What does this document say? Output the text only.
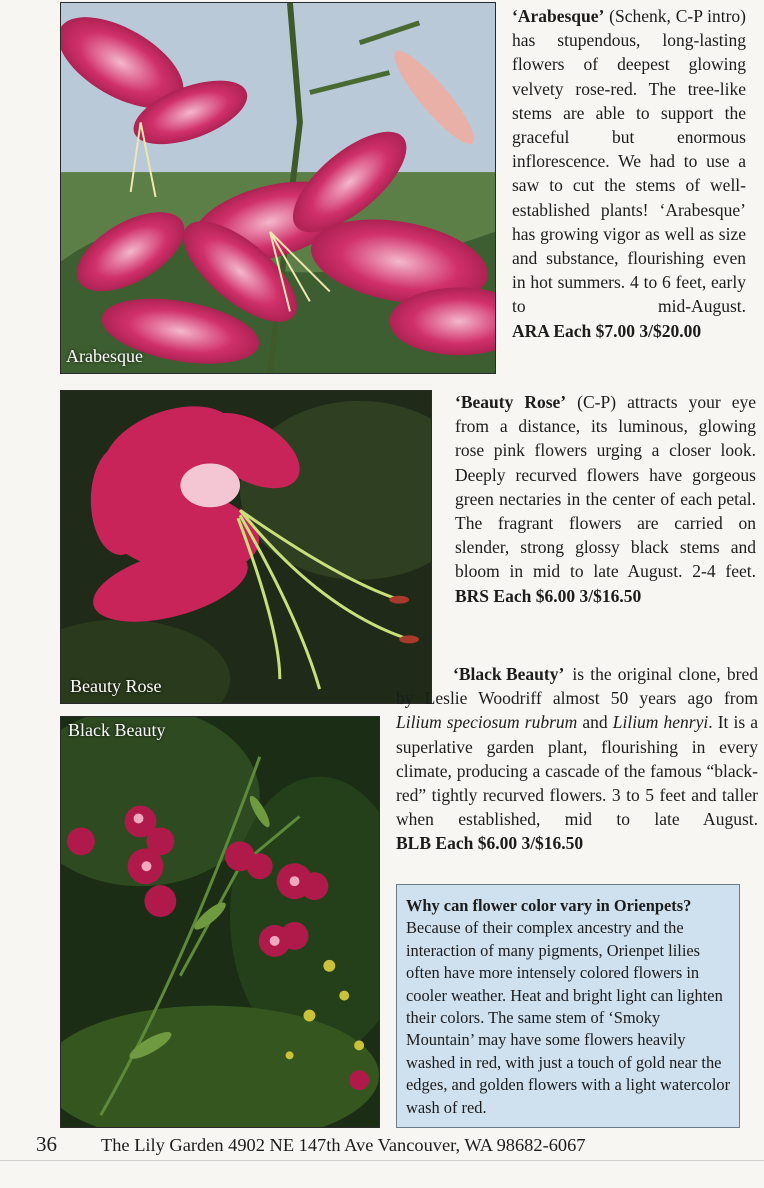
Arabesque

‘Arabesque’ (Schenk, C-P intro) has stupendous, long-lasting flowers of deepest glowing velvety rose-red. The tree-like stems are able to support the graceful but enormous inflorescence. We had to use a saw to cut the stems of well-established plants! ‘Arabesque’ has growing vigor as well as size and substance, flourishing even in hot summers. 4 to 6 feet, early to mid-August. ARA Each $7.00 3/$20.00

Beauty Rose

‘Beauty Rose’ (C-P) attracts your eye from a distance, its luminous, glowing rose pink flowers urging a closer look. Deeply recurved flowers have gorgeous green nectaries in the center of each petal. The fragrant flowers are carried on slender, strong glossy black stems and bloom in mid to late August. 2-4 feet. BRS Each $6.00 3/$16.50

Black Beauty

‘Black Beauty’ is the original clone, bred by Leslie Woodriff almost 50 years ago from Lilium speciosum rubrum and Lilium henryi. It is a superlative garden plant, flourishing in every climate, producing a cascade of the famous “black-red” tightly recurved flowers. 3 to 5 feet and taller when established, mid to late August. BLB Each $6.00 3/$16.50

Why can flower color vary in Orienpets?
Because of their complex ancestry and the interaction of many pigments, Orienpet lilies often have more intensely colored flowers in cooler weather. Heat and bright light can lighten their colors. The same stem of ‘Smoky Mountain’ may have some flowers heavily washed in red, with just a touch of gold near the edges, and golden flowers with a light watercolor wash of red.
36 The Lily Garden 4902 NE 147th Ave Vancouver, WA 98682-6067
